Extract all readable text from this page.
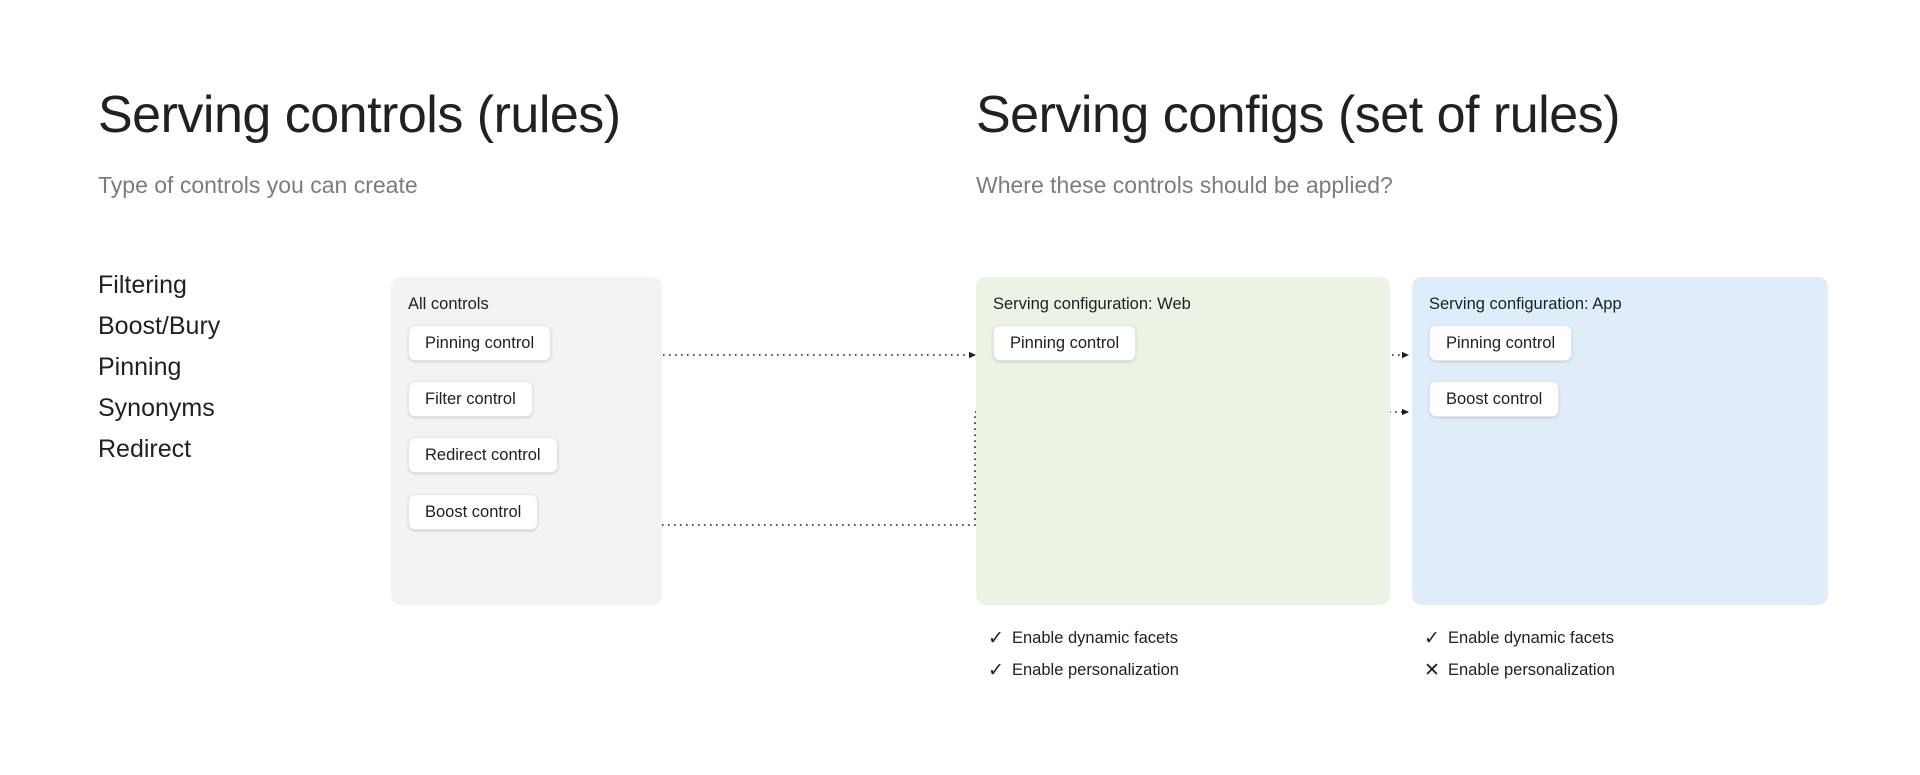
Serving controls (rules)
Type of controls you can create
Serving configs (set of rules)
Where these controls should be applied?
Filtering
Boost/Bury
Pinning
Synonyms
Redirect
All controls
Pinning control
Filter control
Redirect control
Boost control
Serving configuration: Web
Pinning control
Serving configuration: App
Pinning control
Boost control
✓ Enable dynamic facets
✓ Enable personalization
✓ Enable dynamic facets
✕ Enable personalization
